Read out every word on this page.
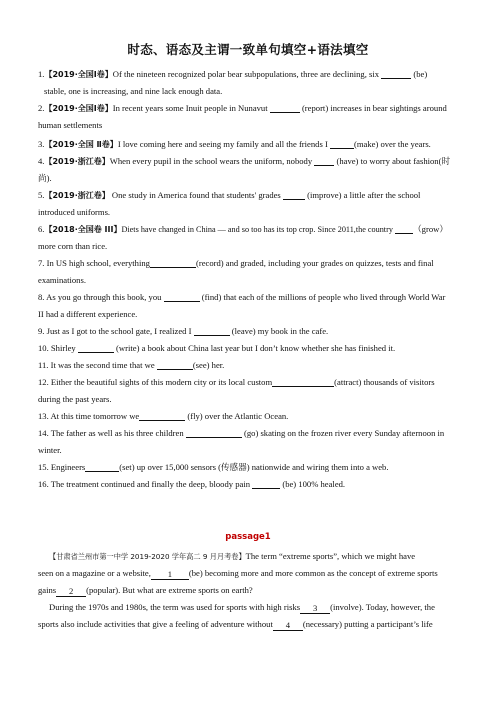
时态、语态及主谓一致单句填空+语法填空
1.【2019·全国Ⅰ卷】Of the nineteen recognized polar bear subpopulations, three are declining, six	(be)
stable, one is increasing, and nine lack enough data.
2.【2019·全国Ⅰ卷】In recent years some Inuit people in Nunavut	(report) increases in bear sightings around
human settlements
3.【2019·全国 Ⅱ卷】I love coming here and seeing my family and all the friends I	(make) over the years.
4.【2019·浙江卷】When every pupil in the school wears the uniform, nobody	(have) to worry about fashion(时
尚).
5.【2019·浙江卷】 One study in America found that students' grades	(improve) a little after the school
introduced uniforms.
6.【2018·全国卷 III】Diets have changed in China — and so too has its top crop. Since 2011,the country （grow）
more corn than rice.
7. In US high school, everything	(record) and graded, including your grades on quizzes, tests and final
examinations.
8. As you go through this book, you	(find) that each of the millions of people who lived through World War
II had a different experience.
9. Just as I got to the school gate, I realized I	(leave) my book in the cafe.
10. Shirley	(write) a book about China last year but I don’t know whether she has finished it.
11. It was the second time that we	(see) her.
12. Either the beautiful sights of this modern city or its local custom	(attract) thousands of visitors
during the past years.
13. At this time tomorrow we	(fly) over the Atlantic Ocean.
14. The father as well as his three children	(go) skating on the frozen river every Sunday afternoon in
winter.
15. Engineers	(set) up over 15,000 sensors (传感器) nationwide and wiring them into a web.
16. The treatment continued and finally the deep, bloody pain	(be) 100% healed.
passage1
【甘肃省兰州市第一中学 2019-2020 学年高二 9 月月考卷】The term “extreme sports”, which we might have
seen on a magazine or a website, 1 (be) becoming more and more common as the concept of extreme sports
gains 2 (popular). But what are extreme sports on earth?
During the 1970s and 1980s, the term was used for sports with high risks 3 (involve). Today, however, the
sports also include activities that give a feeling of adventure without 4 (necessary) putting a participant’s life
